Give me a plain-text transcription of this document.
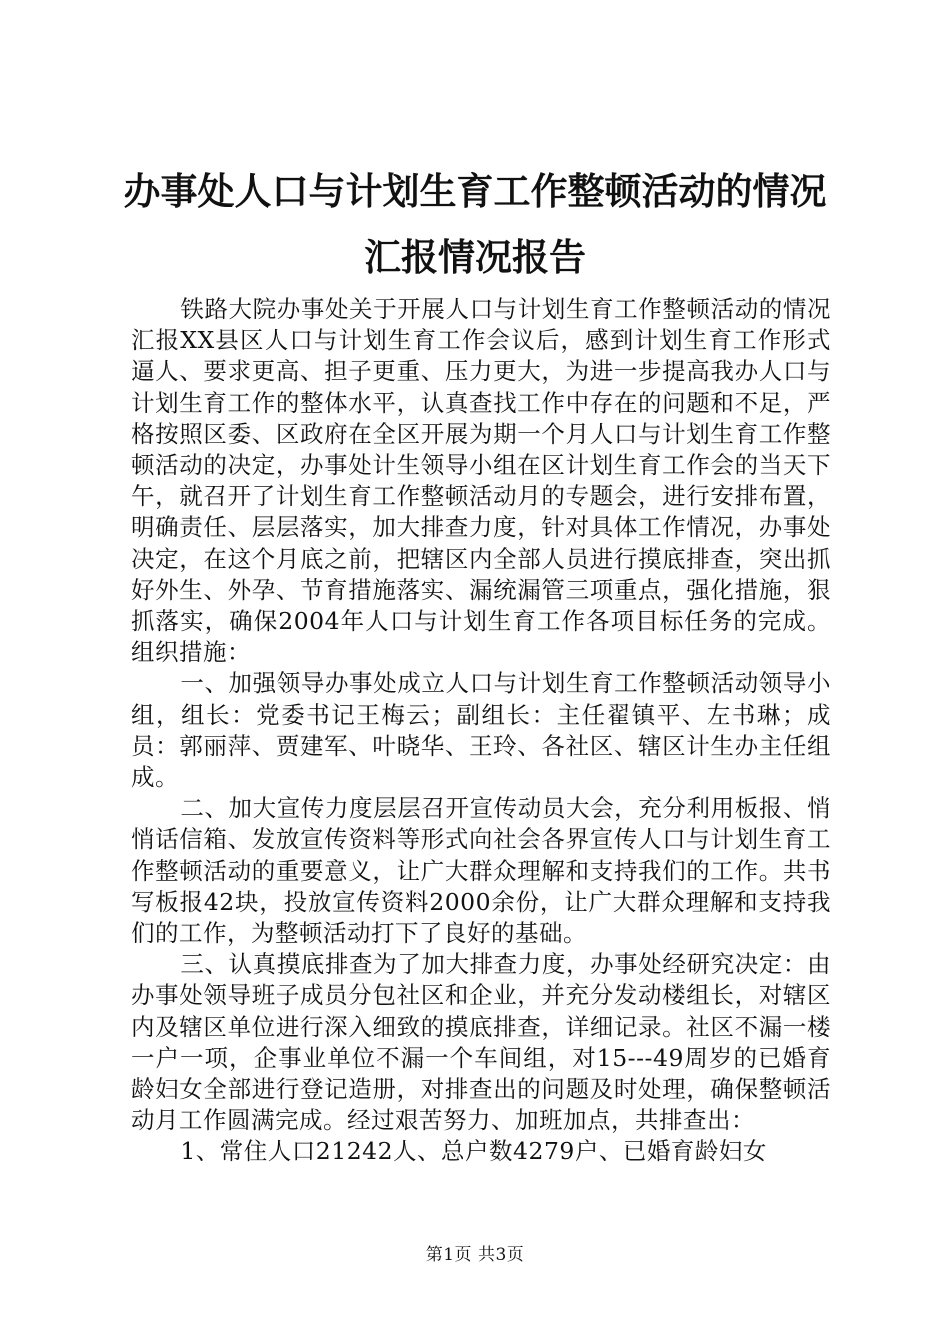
办事处人口与计划生育工作整顿活动的情况汇报情况报告

铁路大院办事处关于开展人口与计划生育工作整顿活动的情况汇报XX县区人口与计划生育工作会议后，感到计划生育工作形式逼人、要求更高、担子更重、压力更大，为进一步提高我办人口与计划生育工作的整体水平，认真查找工作中存在的问题和不足，严格按照区委、区政府在全区开展为期一个月人口与计划生育工作整顿活动的决定，办事处计生领导小组在区计划生育工作会的当天下午，就召开了计划生育工作整顿活动月的专题会，进行安排布置，明确责任、层层落实，加大排查力度，针对具体工作情况，办事处决定，在这个月底之前，把辖区内全部人员进行摸底排查，突出抓好外生、外孕、节育措施落实、漏统漏管三项重点，强化措施，狠抓落实，确保2004年人口与计划生育工作各项目标任务的完成。组织措施：

一、加强领导办事处成立人口与计划生育工作整顿活动领导小组，组长：党委书记王梅云；副组长：主任翟镇平、左书琳；成员：郭丽萍、贾建军、叶晓华、王玲、各社区、辖区计生办主任组成。

二、加大宣传力度层层召开宣传动员大会，充分利用板报、悄悄话信箱、发放宣传资料等形式向社会各界宣传人口与计划生育工作整顿活动的重要意义，让广大群众理解和支持我们的工作。共书写板报42块，投放宣传资料2000余份，让广大群众理解和支持我们的工作，为整顿活动打下了良好的基础。

三、认真摸底排查为了加大排查力度，办事处经研究决定：由办事处领导班子成员分包社区和企业，并充分发动楼组长，对辖区内及辖区单位进行深入细致的摸底排查，详细记录。社区不漏一楼一户一项，企事业单位不漏一个车间组，对15---49周岁的已婚育龄妇女全部进行登记造册，对排查出的问题及时处理，确保整顿活动月工作圆满完成。经过艰苦努力、加班加点，共排查出：

1、常住人口21242人、总户数4279户、已婚育龄妇女

第1页 共3页
